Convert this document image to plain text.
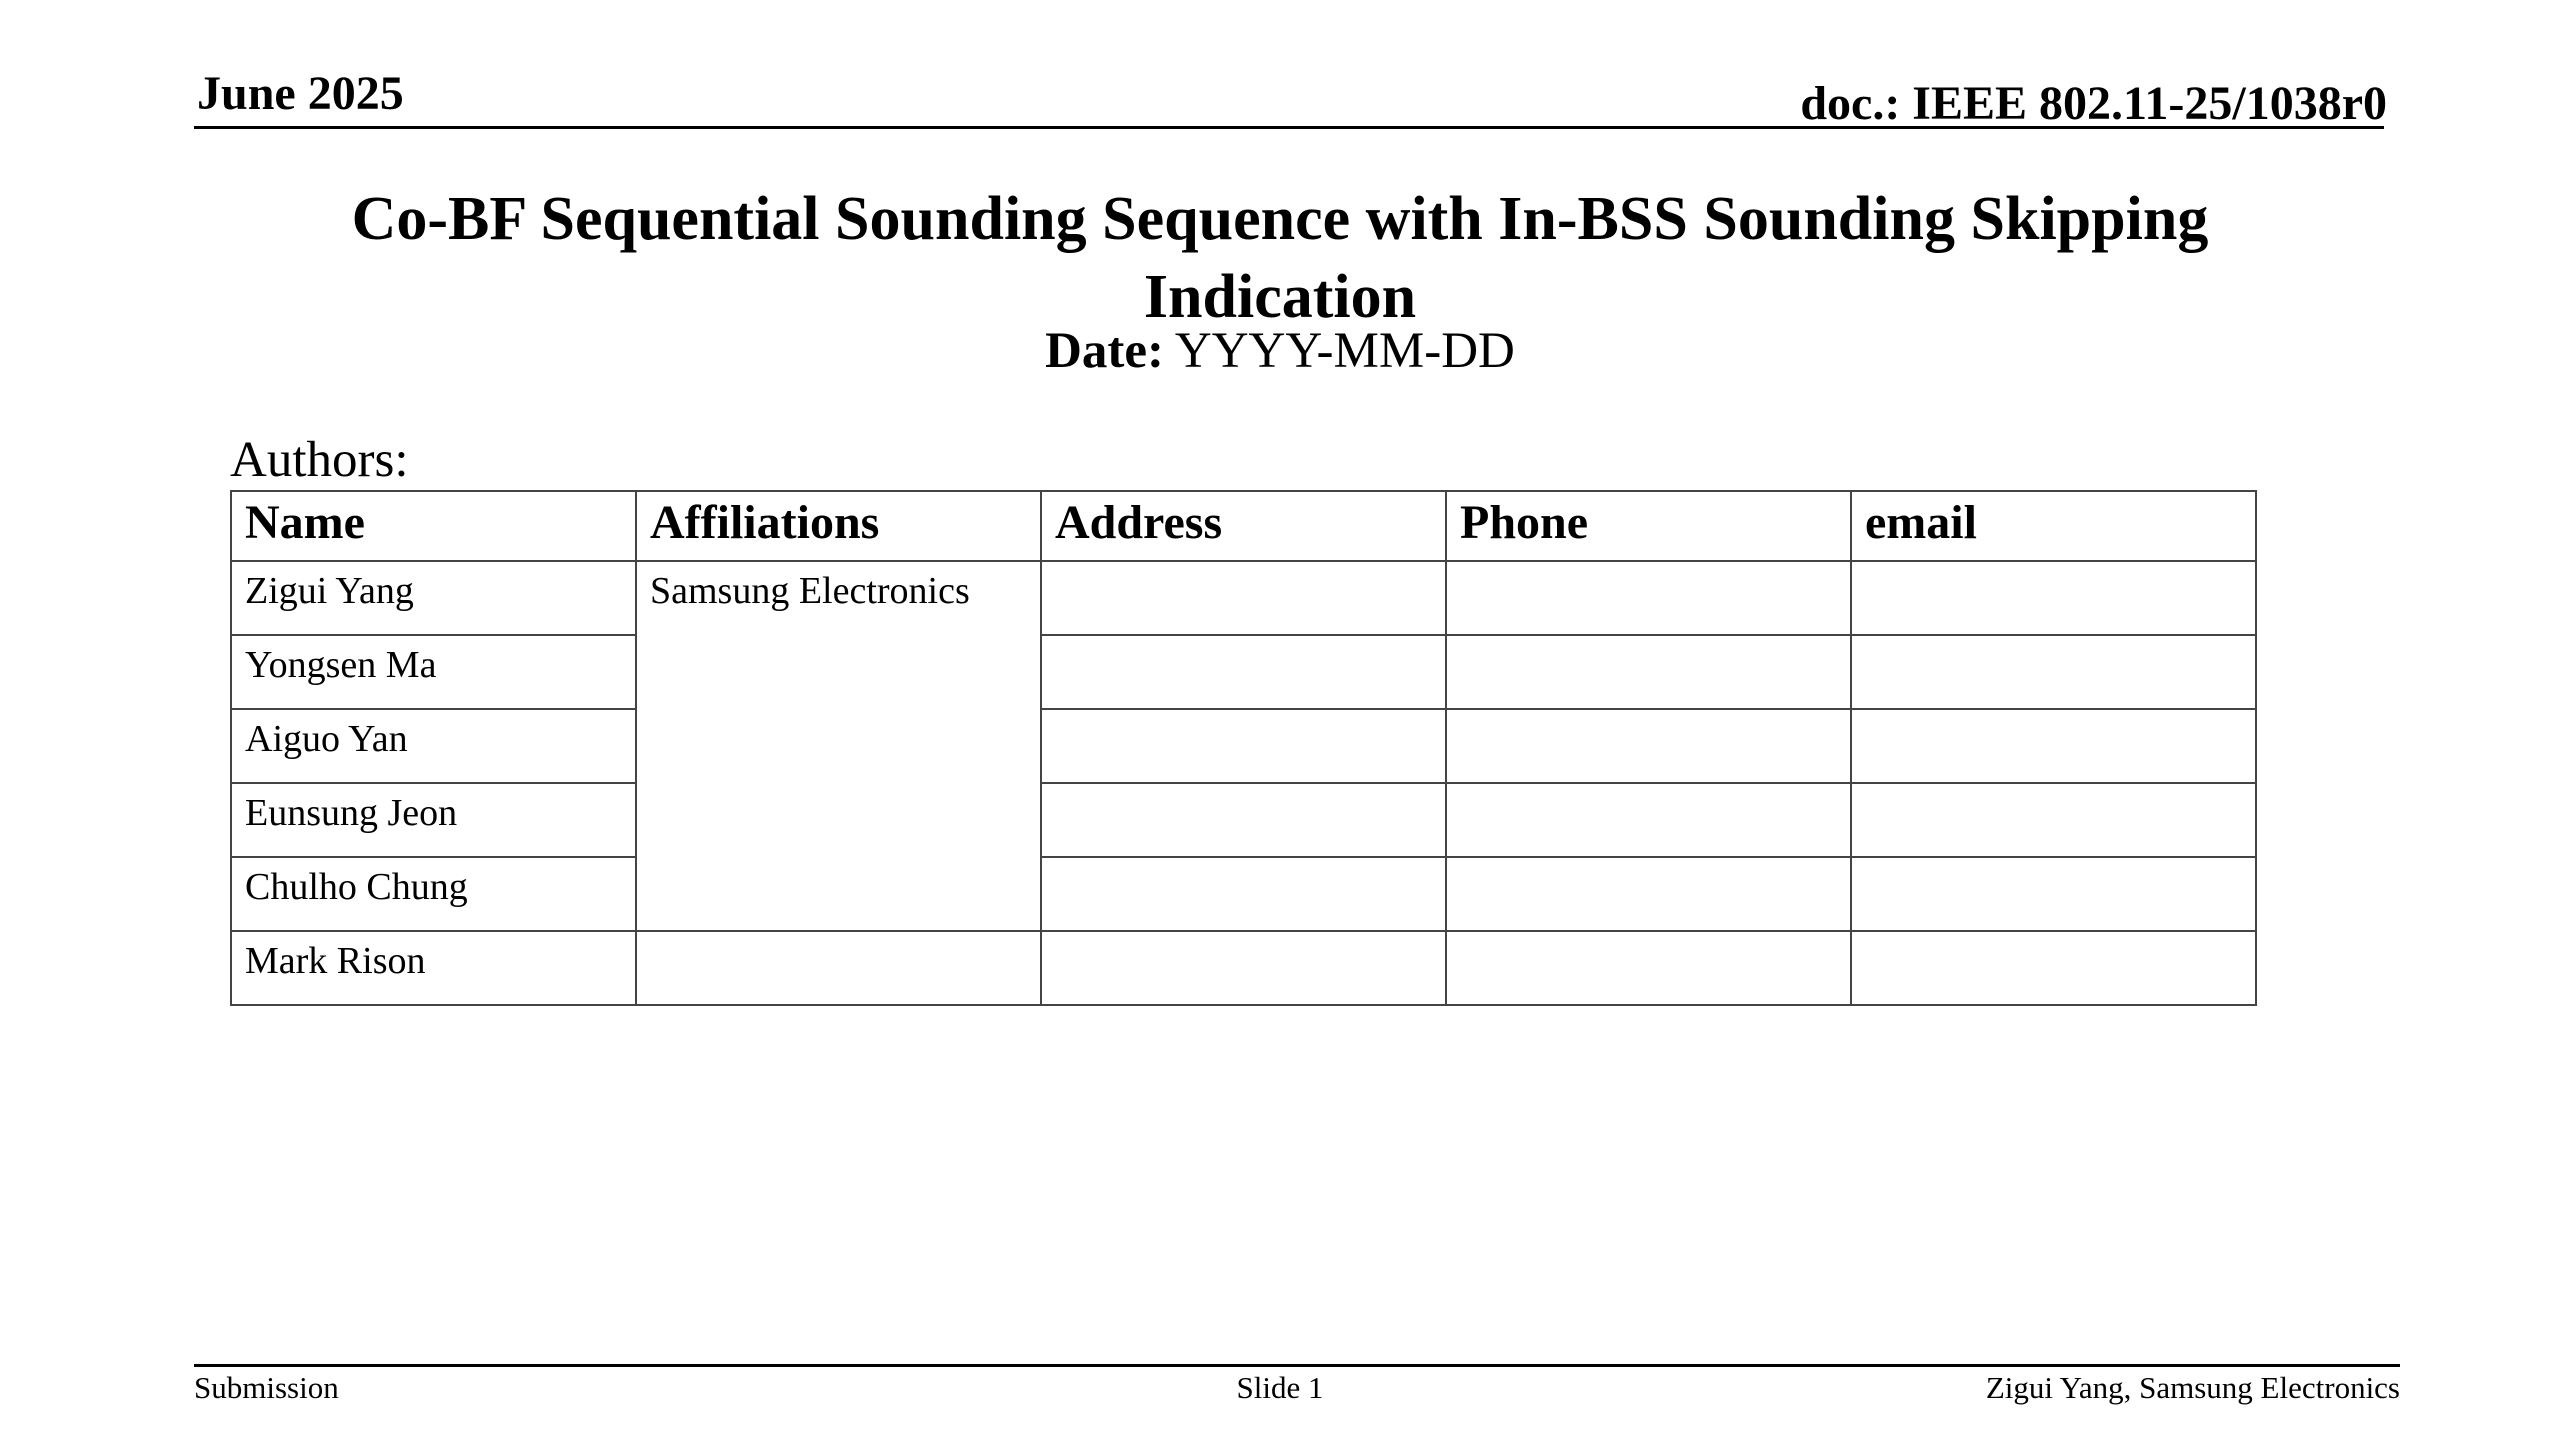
June 2025	doc.: IEEE 802.11-25/1038r0
Co-BF Sequential Sounding Sequence with In-BSS Sounding Skipping
Indication
Date: YYYY-MM-DD
Authors:
Name	Affiliations	Address	Phone	email
Zigui Yang	Samsung Electronics			
Yongsen Ma				
Aiguo Yan				
Eunsung Jeon				
Chulho Chung				
Mark Rison				
Submission	Slide 1	Zigui Yang, Samsung Electronics
